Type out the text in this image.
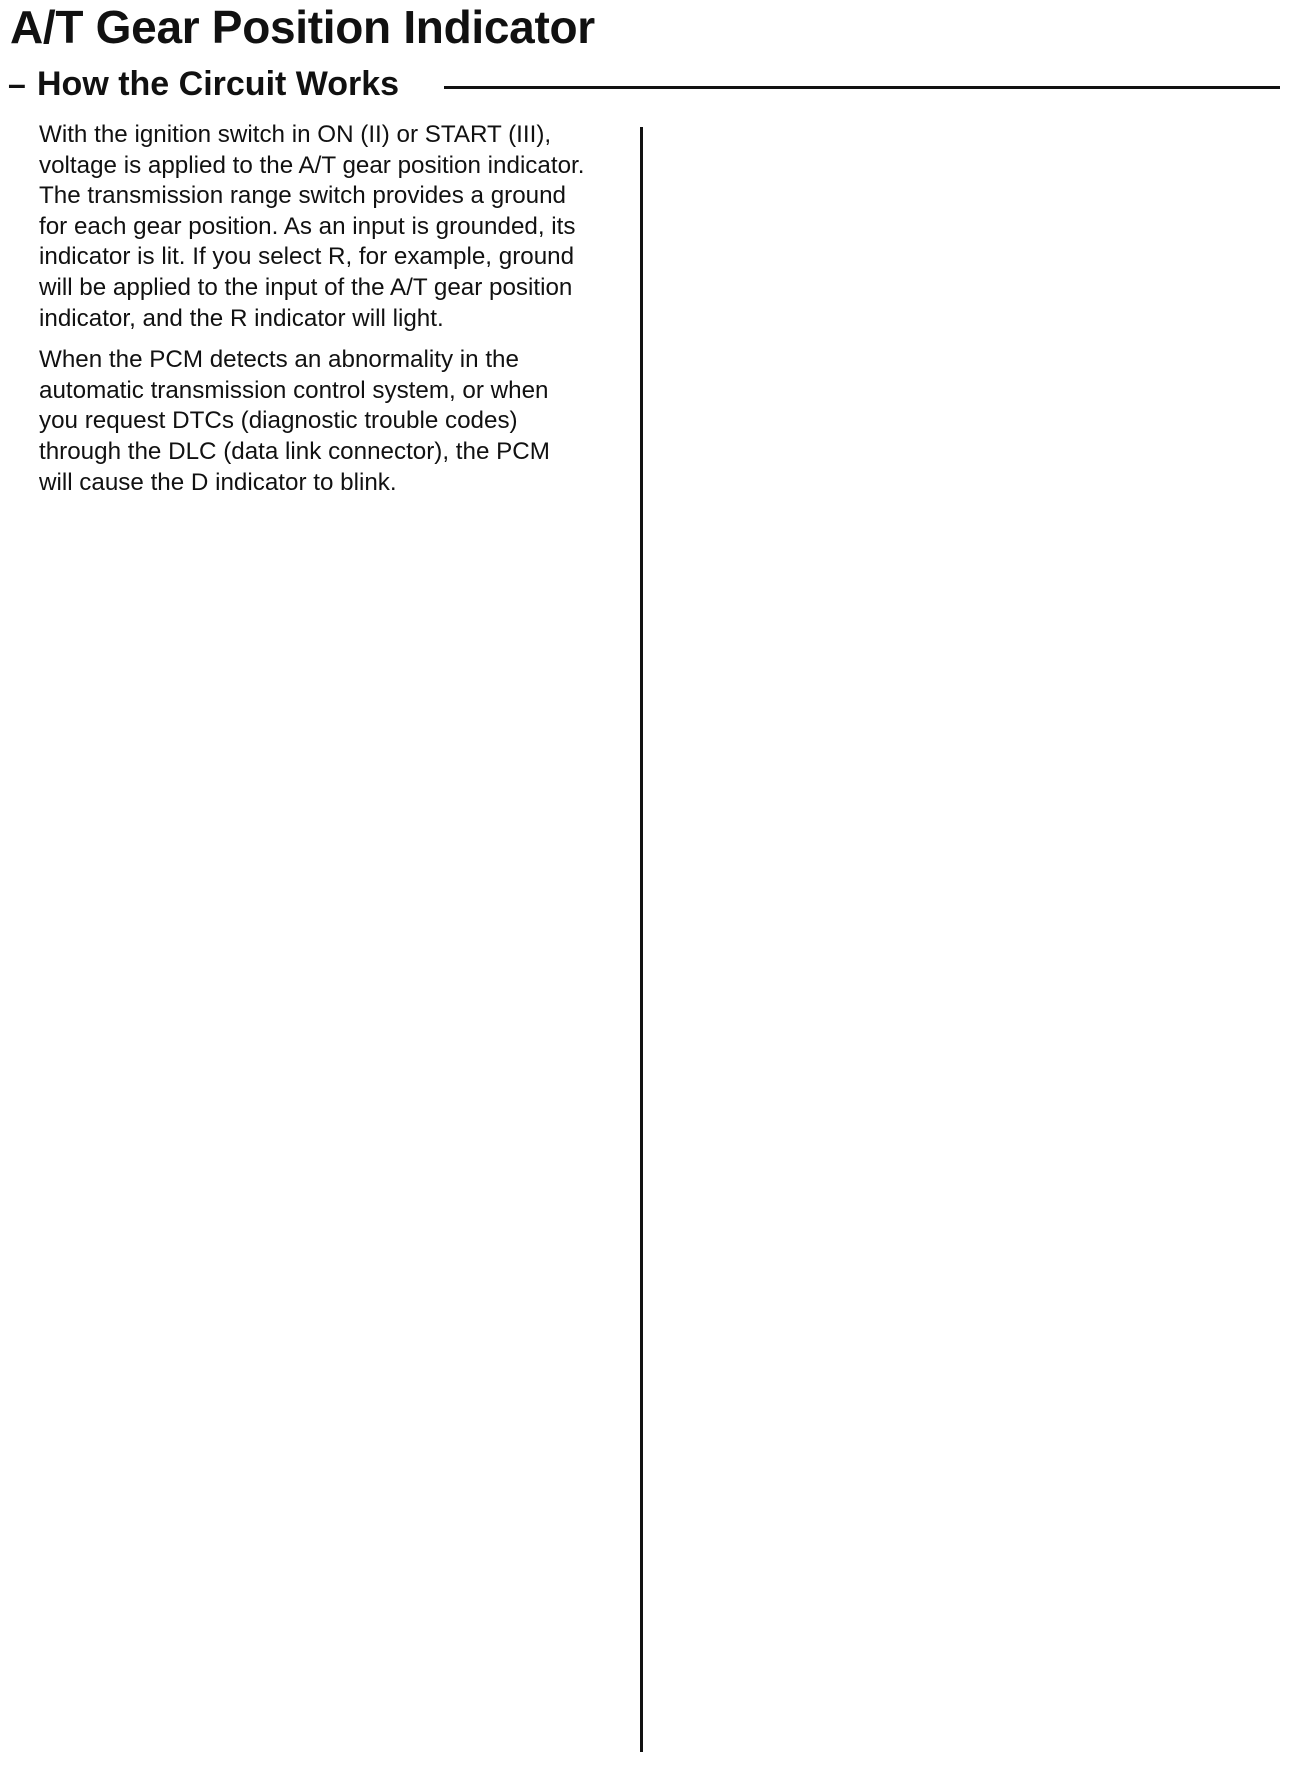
A/T Gear Position Indicator
– How the Circuit Works

With the ignition switch in ON (II) or START (III),
voltage is applied to the A/T gear position indicator.
The transmission range switch provides a ground
for each gear position. As an input is grounded, its
indicator is lit. If you select R, for example, ground
will be applied to the input of the A/T gear position
indicator, and the R indicator will light.

When the PCM detects an abnormality in the
automatic transmission control system, or when
you request DTCs (diagnostic trouble codes)
through the DLC (data link connector), the PCM
will cause the D indicator to blink.
